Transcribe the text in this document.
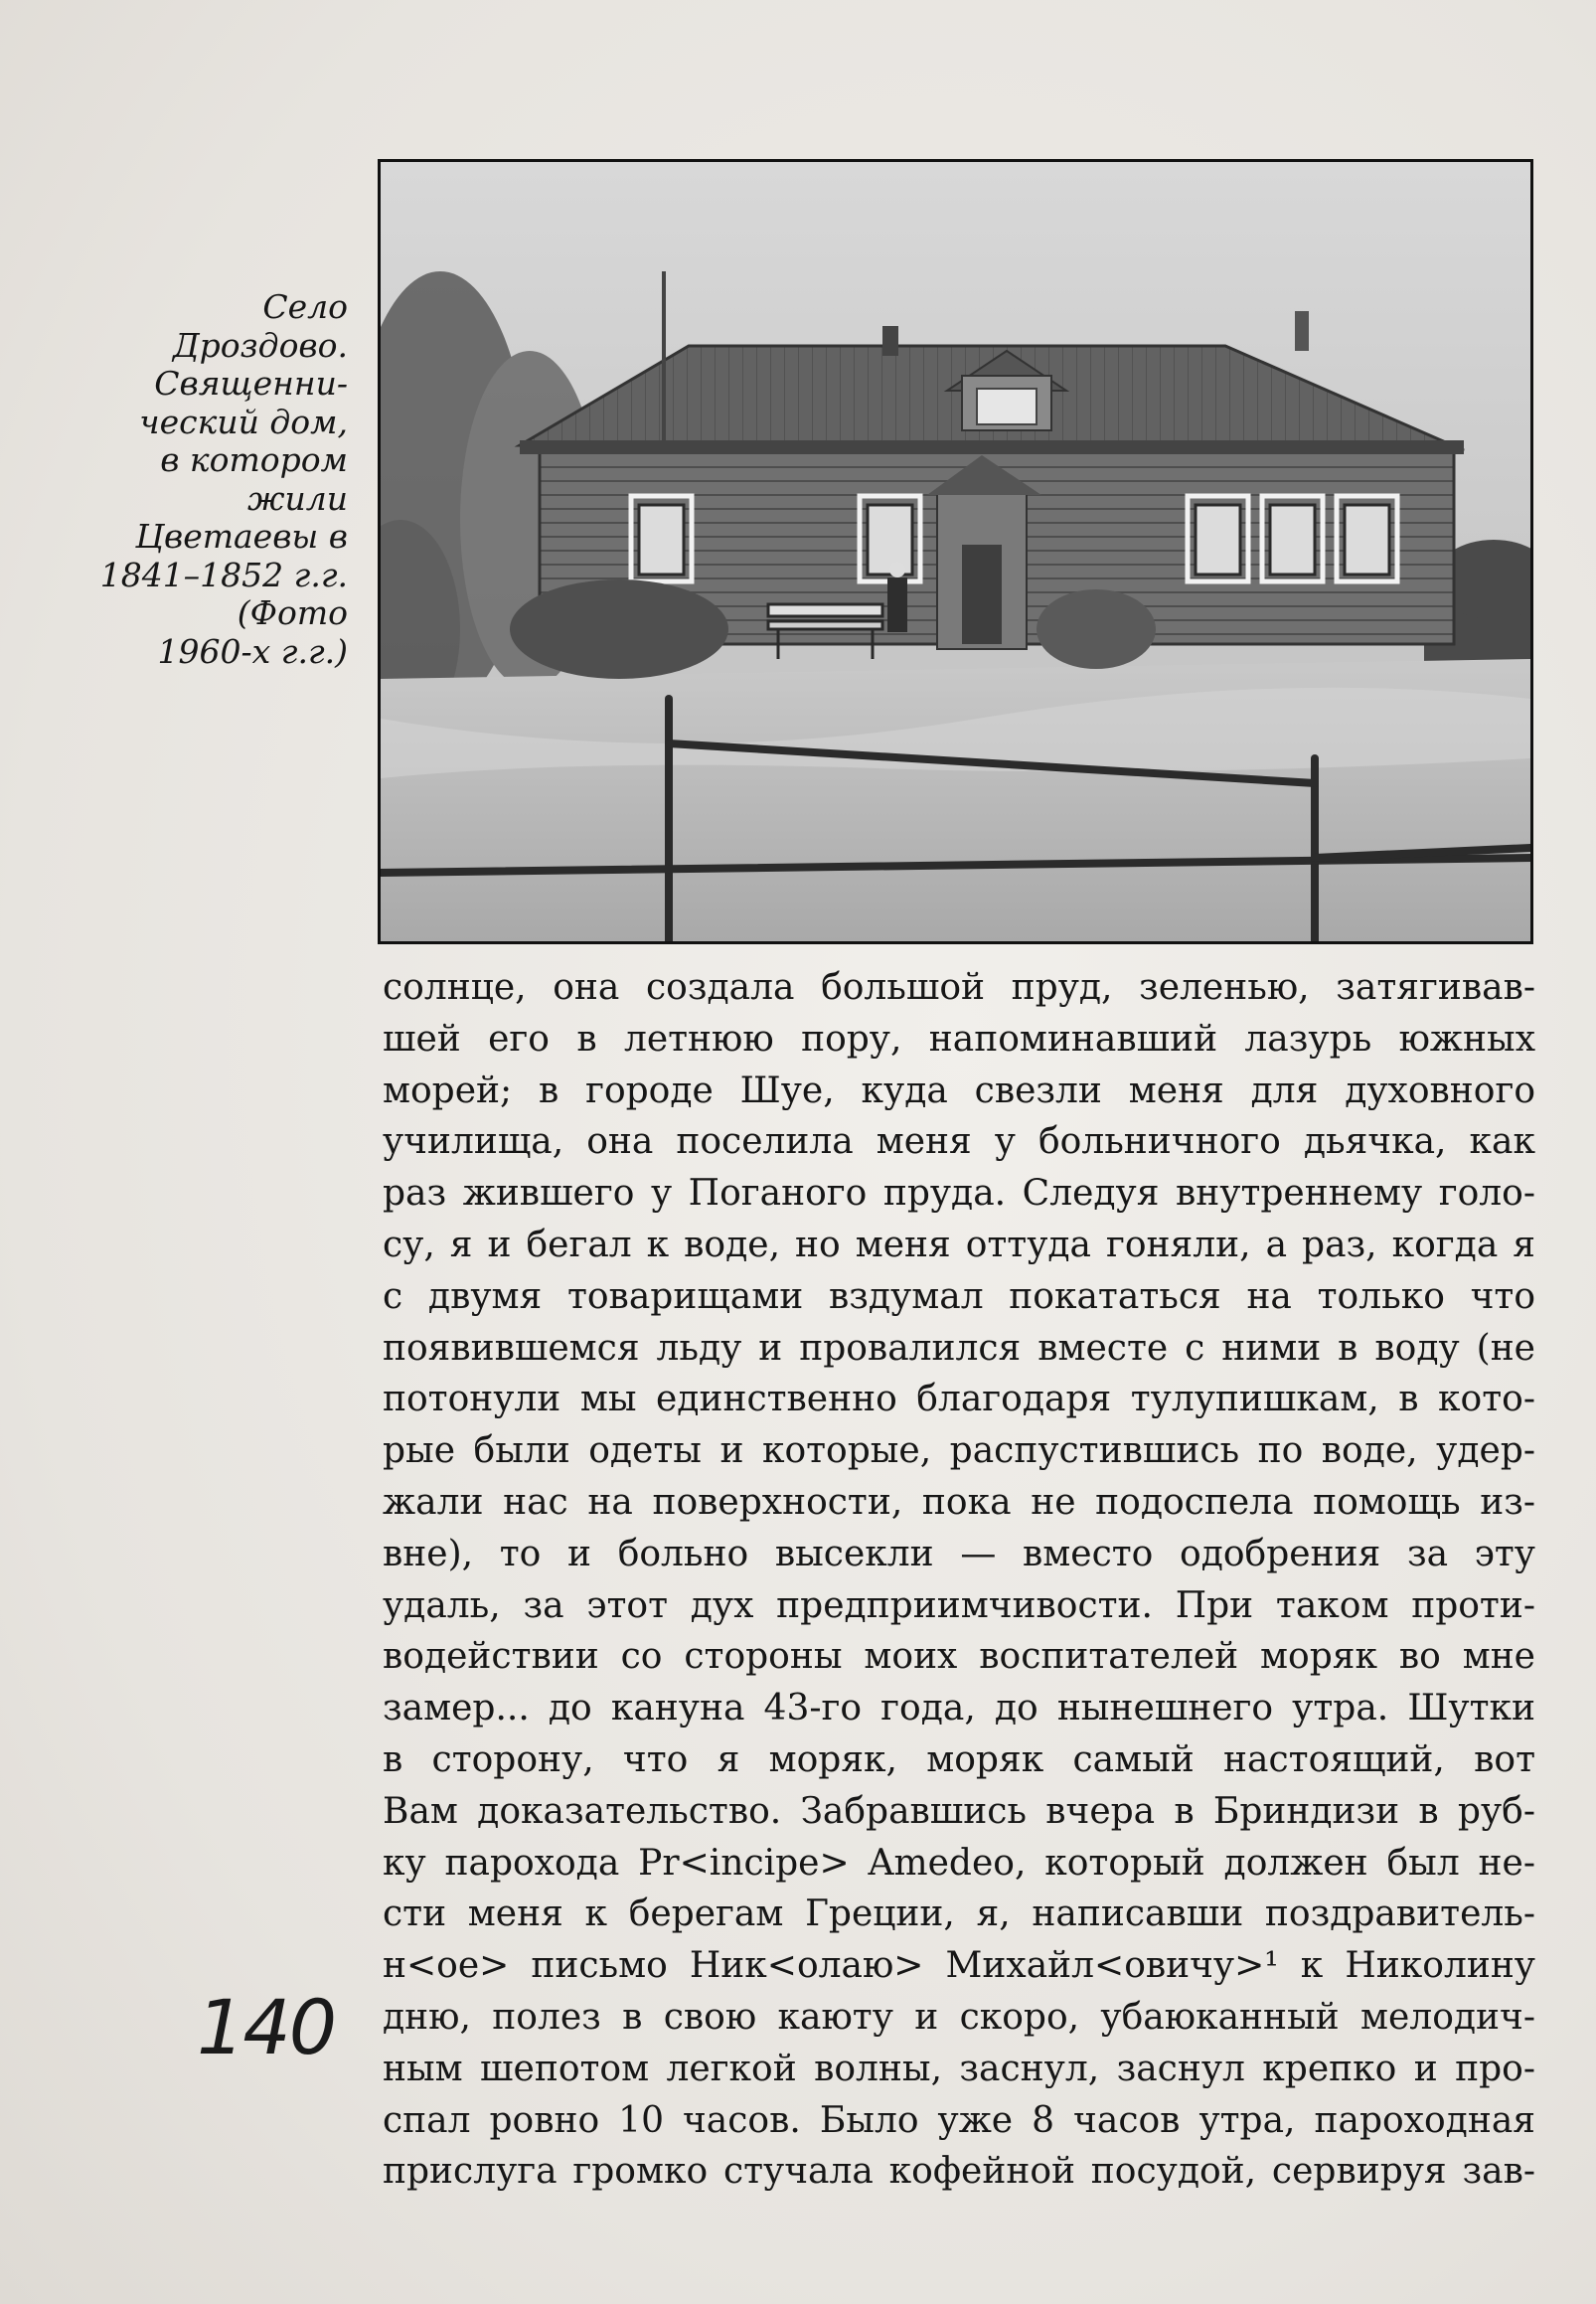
Село
Дроздово.
Священни-
ческий дом,
в котором
жили
Цветаевы в
1841–1852 г.г.
(Фото
1960-х г.г.)
солнце, она создала большой пруд, зеленью, затягивав-
шей его в летнюю пору, напоминавший лазурь южных
морей; в городе Шуе, куда свезли меня для духовного
училища, она поселила меня у больничного дьячка, как
раз жившего у Поганого пруда. Следуя внутреннему голо-
су, я и бегал к воде, но меня оттуда гоняли, а раз, когда я
с двумя товарищами вздумал покататься на только что
появившемся льду и провалился вместе с ними в воду (не
потонули мы единственно благодаря тулупишкам, в кото-
рые были одеты и которые, распустившись по воде, удер-
жали нас на поверхности, пока не подоспела помощь из-
вне), то и больно высекли — вместо одобрения за эту
удаль, за этот дух предприимчивости. При таком проти-
водействии со стороны моих воспитателей моряк во мне
замер... до кануна 43-го года, до нынешнего утра. Шутки
в сторону, что я моряк, моряк самый настоящий, вот
Вам доказательство. Забравшись вчера в Бриндизи в руб-
ку парохода Pr<incipe> Amedeo, который должен был не-
сти меня к берегам Греции, я, написавши поздравитель-
н<ое> письмо Ник<олаю> Михайл<овичу>¹ к Николину
дню, полез в свою каюту и скоро, убаюканный мелодич-
ным шепотом легкой волны, заснул, заснул крепко и про-
спал ровно 10 часов. Было уже 8 часов утра, пароходная
прислуга громко стучала кофейной посудой, сервируя зав-
140
